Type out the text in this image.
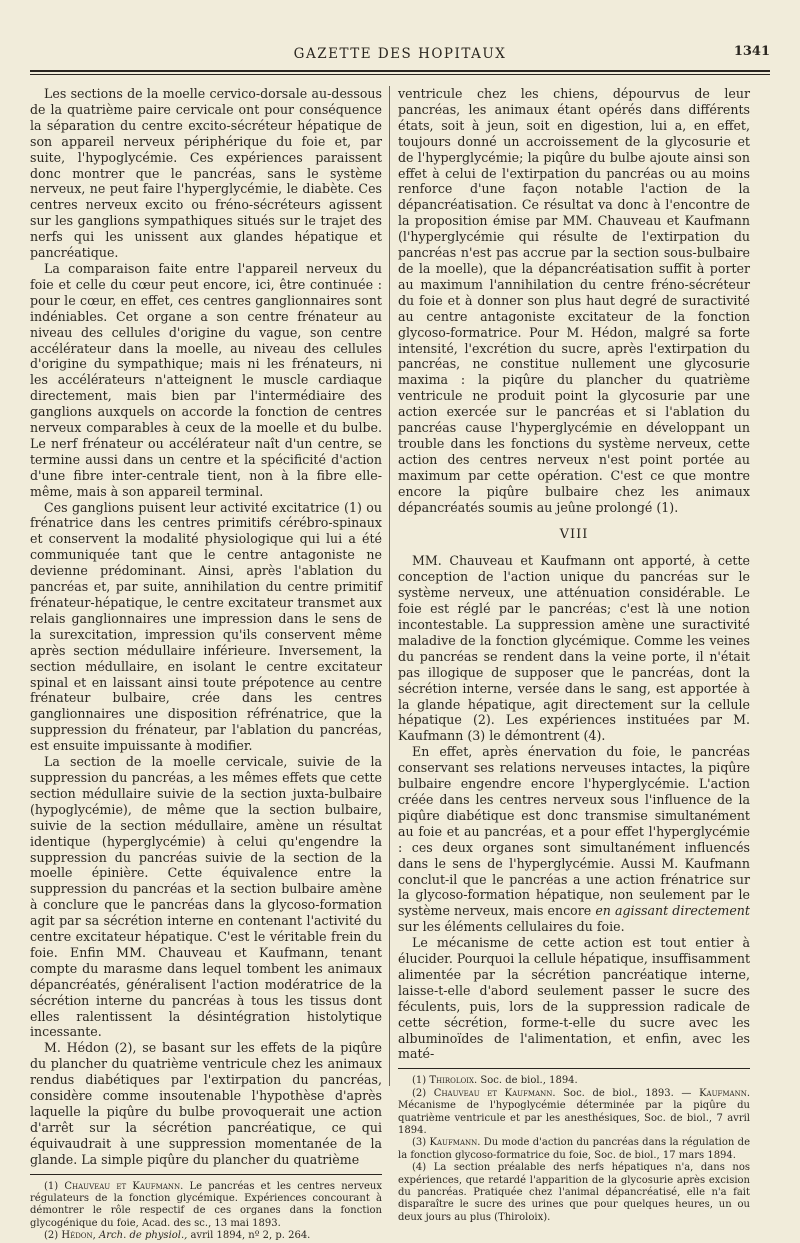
GAZETTE DES HOPITAUX	1341

Les sections de la moelle cervico-dorsale au-dessous de la quatrième paire cervicale ont pour conséquence la séparation du centre excito-sécréteur hépatique de son appareil nerveux périphérique du foie et, par suite, l'hypoglycémie. Ces expériences paraissent donc montrer que le pancréas, sans le système nerveux, ne peut faire l'hyperglycémie, le diabète. Ces centres nerveux excito ou fréno-sécréteurs agissent sur les ganglions sympathiques situés sur le trajet des nerfs qui les unissent aux glandes hépatique et pancréatique.

La comparaison faite entre l'appareil nerveux du foie et celle du cœur peut encore, ici, être continuée : pour le cœur, en effet, ces centres ganglionnaires sont indéniables. Cet organe a son centre frénateur au niveau des cellules d'origine du vague, son centre accélérateur dans la moelle, au niveau des cellules d'origine du sympathique; mais ni les frénateurs, ni les accélérateurs n'atteignent le muscle cardiaque directement, mais bien par l'intermédiaire des ganglions auxquels on accorde la fonction de centres nerveux comparables à ceux de la moelle et du bulbe. Le nerf frénateur ou accélérateur naît d'un centre, se termine aussi dans un centre et la spécificité d'action d'une fibre inter-centrale tient, non à la fibre elle-même, mais à son appareil terminal.

Ces ganglions puisent leur activité excitatrice (1) ou frénatrice dans les centres primitifs cérébro-spinaux et conservent la modalité physiologique qui lui a été communiquée tant que le centre antagoniste ne devienne prédominant. Ainsi, après l'ablation du pancréas et, par suite, annihilation du centre primitif frénateur-hépatique, le centre excitateur transmet aux relais ganglionnaires une impression dans le sens de la surexcitation, impression qu'ils conservent même après section médullaire inférieure. Inversement, la section médullaire, en isolant le centre excitateur spinal et en laissant ainsi toute prépotence au centre frénateur bulbaire, crée dans les centres ganglionnaires une disposition réfrénatrice, que la suppression du frénateur, par l'ablation du pancréas, est ensuite impuissante à modifier.

La section de la moelle cervicale, suivie de la suppression du pancréas, a les mêmes effets que cette section médullaire suivie de la section juxta-bulbaire (hypoglycémie), de même que la section bulbaire, suivie de la section médullaire, amène un résultat identique (hyperglycémie) à celui qu'engendre la suppression du pancréas suivie de la section de la moelle épinière. Cette équivalence entre la suppression du pancréas et la section bulbaire amène à conclure que le pancréas dans la glycoso-formation agit par sa sécrétion interne en contenant l'activité du centre excitateur hépatique. C'est le véritable frein du foie. Enfin MM. Chauveau et Kaufmann, tenant compte du marasme dans lequel tombent les animaux dépancréatés, généralisent l'action modératrice de la sécrétion interne du pancréas à tous les tissus dont elles ralentissent la désintégration histolytique incessante.

M. Hédon (2), se basant sur les effets de la piqûre du plancher du quatrième ventricule chez les animaux rendus diabétiques par l'extirpation du pancréas, considère comme insoutenable l'hypothèse d'après laquelle la piqûre du bulbe provoquerait une action d'arrêt sur la sécrétion pancréatique, ce qui équivaudrait à une suppression momentanée de la glande. La simple piqûre du plancher du quatrième

(1) Chauveau et Kaufmann. Le pancréas et les centres nerveux régulateurs de la fonction glycémique. Expériences concourant à démontrer le rôle respectif de ces organes dans la fonction glycogénique du foie, Acad. des sc., 13 mai 1893.

(2) Hédon, Arch. de physiol., avril 1894, nº 2, p. 264.

ventricule chez les chiens, dépourvus de leur pancréas, les animaux étant opérés dans différents états, soit à jeun, soit en digestion, lui a, en effet, toujours donné un accroissement de la glycosurie et de l'hyperglycémie; la piqûre du bulbe ajoute ainsi son effet à celui de l'extirpation du pancréas ou au moins renforce d'une façon notable l'action de la dépancréatisation. Ce résultat va donc à l'encontre de la proposition émise par MM. Chauveau et Kaufmann (l'hyperglycémie qui résulte de l'extirpation du pancréas n'est pas accrue par la section sous-bulbaire de la moelle), que la dépancréatisation suffit à porter au maximum l'annihilation du centre fréno-sécréteur du foie et à donner son plus haut degré de suractivité au centre antagoniste excitateur de la fonction glycoso-formatrice. Pour M. Hédon, malgré sa forte intensité, l'excrétion du sucre, après l'extirpation du pancréas, ne constitue nullement une glycosurie maxima : la piqûre du plancher du quatrième ventricule ne produit point la glycosurie par une action exercée sur le pancréas et si l'ablation du pancréas cause l'hyperglycémie en développant un trouble dans les fonctions du système nerveux, cette action des centres nerveux n'est point portée au maximum par cette opération. C'est ce que montre encore la piqûre bulbaire chez les animaux dépancréatés soumis au jeûne prolongé (1).

VIII

MM. Chauveau et Kaufmann ont apporté, à cette conception de l'action unique du pancréas sur le système nerveux, une atténuation considérable. Le foie est réglé par le pancréas; c'est là une notion incontestable. La suppression amène une suractivité maladive de la fonction glycémique. Comme les veines du pancréas se rendent dans la veine porte, il n'était pas illogique de supposer que le pancréas, dont la sécrétion interne, versée dans le sang, est apportée à la glande hépatique, agit directement sur la cellule hépatique (2). Les expériences instituées par M. Kaufmann (3) le démontrent (4).

En effet, après énervation du foie, le pancréas conservant ses relations nerveuses intactes, la piqûre bulbaire engendre encore l'hyperglycémie. L'action créée dans les centres nerveux sous l'influence de la piqûre diabétique est donc transmise simultanément au foie et au pancréas, et a pour effet l'hyperglycémie : ces deux organes sont simultanément influencés dans le sens de l'hyperglycémie. Aussi M. Kaufmann conclut-il que le pancréas a une action frénatrice sur la glycoso-formation hépatique, non seulement par le système nerveux, mais encore en agissant directement sur les éléments cellulaires du foie.

Le mécanisme de cette action est tout entier à élucider. Pourquoi la cellule hépatique, insuffisamment alimentée par la sécrétion pancréatique interne, laisse-t-elle d'abord seulement passer le sucre des féculents, puis, lors de la suppression radicale de cette sécrétion, forme-t-elle du sucre avec les albuminoïdes de l'alimentation, et enfin, avec les maté-

(1) Thiroloix. Soc. de biol., 1894.

(2) Chauveau et Kaufmann. Soc. de biol., 1893. — Kaufmann. Mécanisme de l'hypoglycémie déterminée par la piqûre du quatrième ventricule et par les anesthésiques, Soc. de biol., 7 avril 1894.

(3) Kaufmann. Du mode d'action du pancréas dans la régulation de la fonction glycoso-formatrice du foie, Soc. de biol., 17 mars 1894.

(4) La section préalable des nerfs hépatiques n'a, dans nos expériences, que retardé l'apparition de la glycosurie après excision du pancréas. Pratiquée chez l'animal dépancréatisé, elle n'a fait disparaître le sucre des urines que pour quelques heures, un ou deux jours au plus (Thiroloix).
